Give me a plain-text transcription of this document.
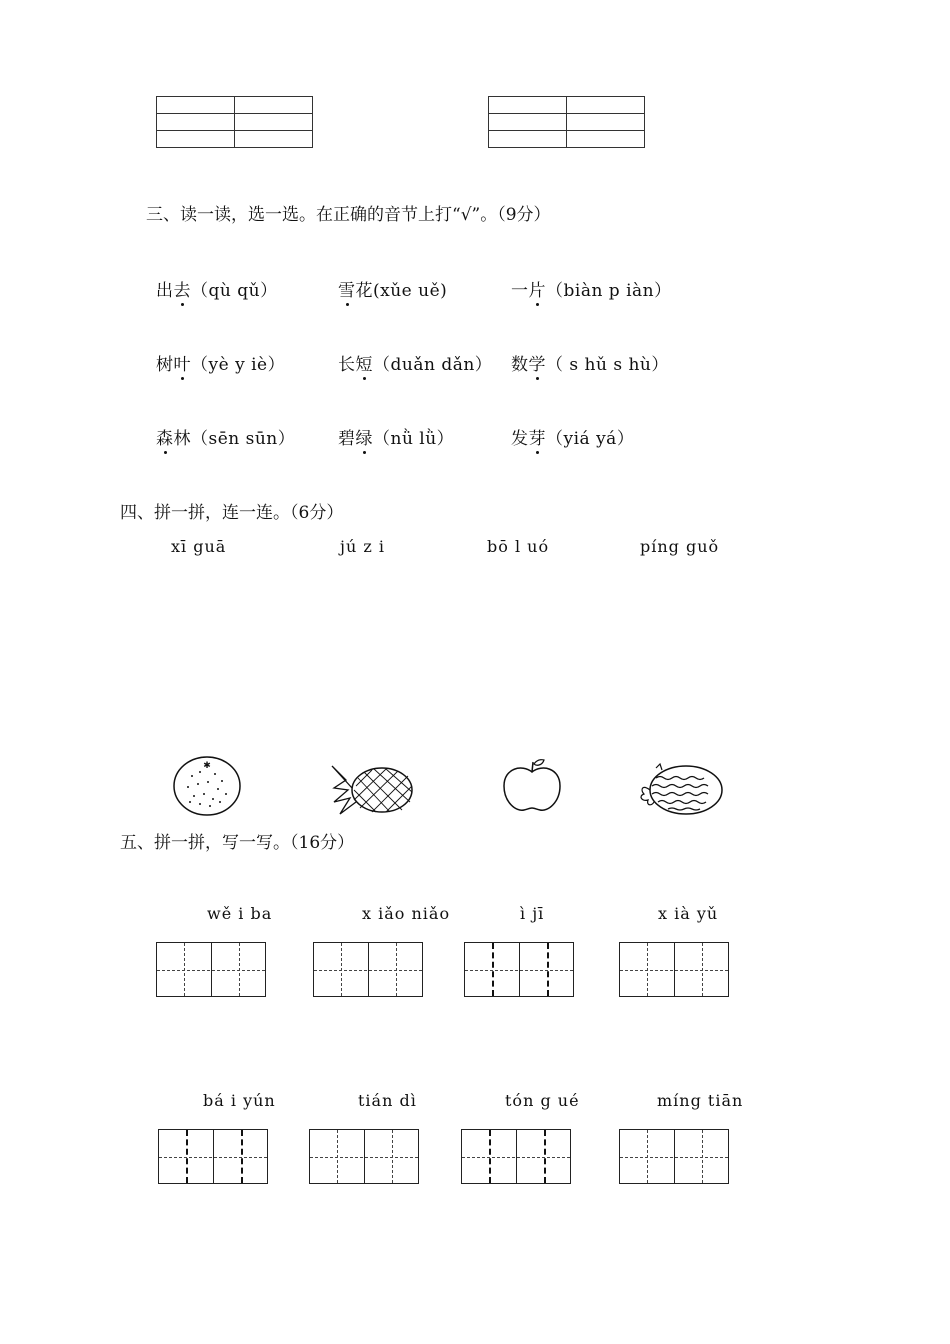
三、读一读，选一选。在正确的音节上打“√”。（9分）
出去（qù qǔ）	雪花(xǔe uě)	一片（biàn p iàn）
树叶（yè y iè）	长短（duǎn dǎn） 数学（ s hǔ s hù）
森林（sēn sūn）	碧绿（nǜ lǜ）	发芽（yiá yá）
四、拼一拼，连一连。（6分）
xī guā	jú z i	bō l uó	píng guǒ
✱
五、拼一拼，写一写。（16分）
wě i ba	x iǎo niǎo	ì jī	x ià yǔ
bá i yún	tián dì	tón g ué	míng tiān
